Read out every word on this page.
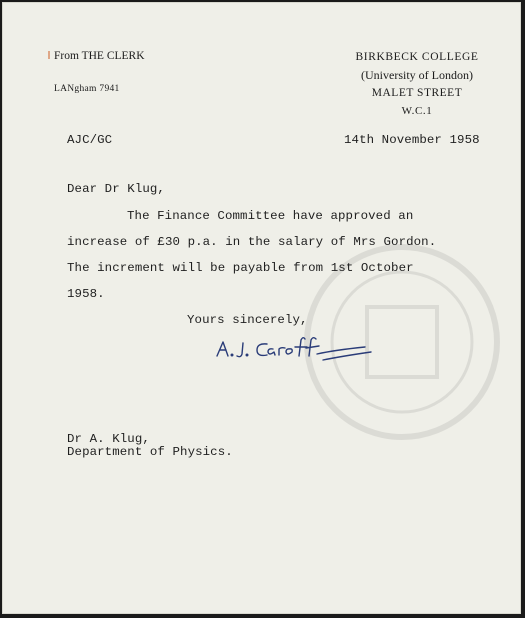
From THE CLERK
LANgham 7941
BIRKBECK COLLEGE
(University of London)
MALET STREET
W.C.1
AJC/GC	14th November 1958
Dear Dr Klug,
The Finance Committee have approved an
increase of £30 p.a. in the salary of Mrs Gordon.
The increment will be payable from 1st October
1958.
Yours sincerely,
Dr A. Klug,
Department of Physics.
